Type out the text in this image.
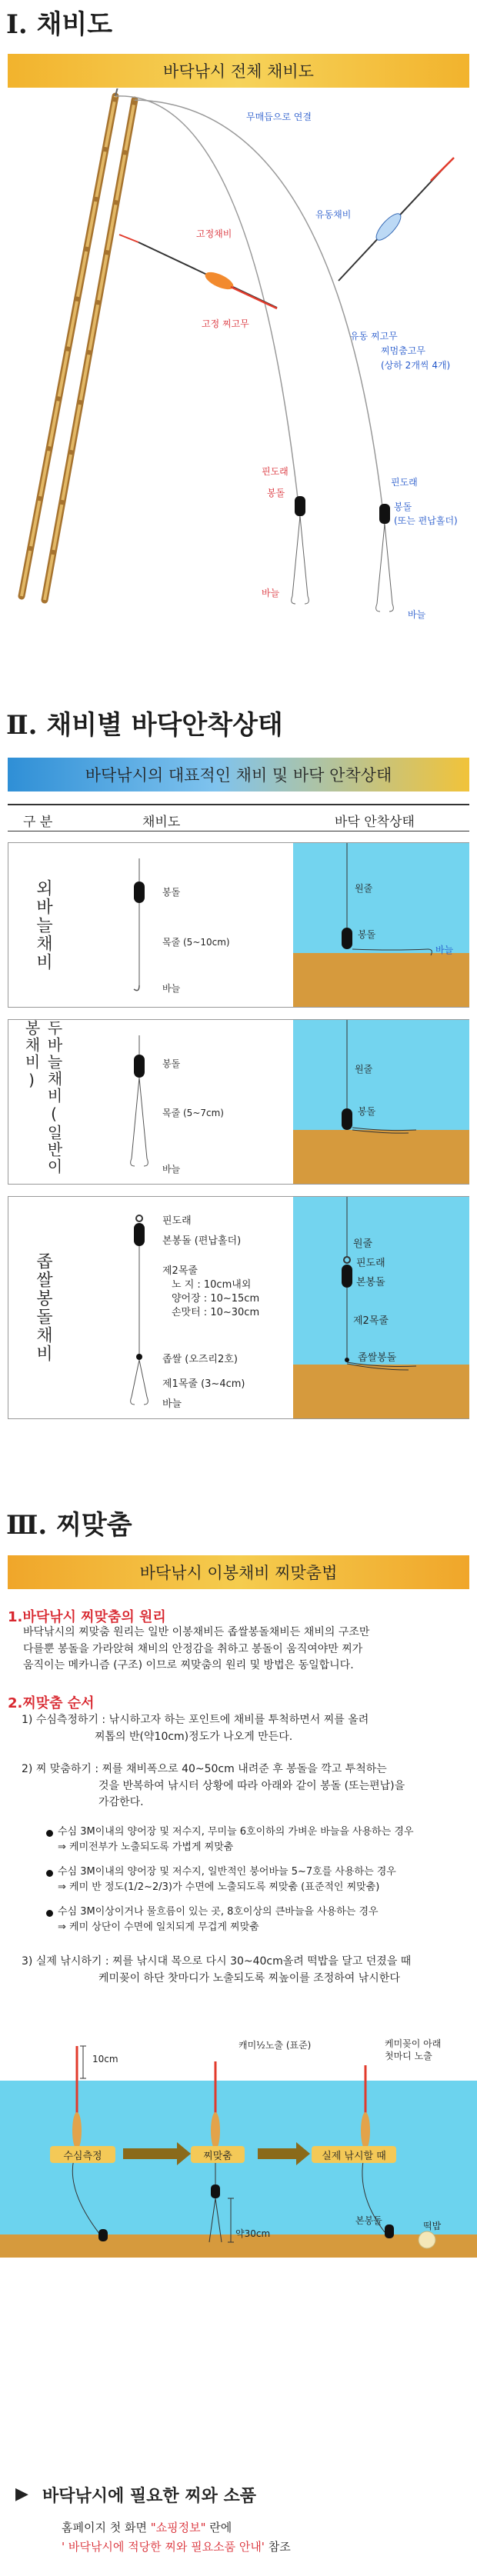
Ⅰ. 채비도
바닥낚시 전체 채비도
무매듭으로 연결
고정채비
유동채비
고정 찌고무
유동 찌고무
찌멈춤고무
(상하 2개씩 4개)
핀도래
봉돌
바늘
핀도래
봉돌
(또는 편납홀더)
바늘
Ⅱ. 채비별 바닥안착상태
바닥낚시의 대표적인 채비 및 바닥 안착상태
구 분	채비도	바닥 안착상태
외바늘채비	봉돌
목줄 (5~10cm)
바늘
원줄
봉돌
바늘
두바늘채비(일반이봉채비)	봉돌
목줄 (5~7cm)
바늘
원줄
봉돌
좁쌀봉돌채비
핀도래
본봉돌 (편납홀더)
제2목줄
노 지 : 10cm내외
양어장 : 10~15cm
손맛터 : 10~30cm
좁쌀 (오즈리2호)
제1목줄 (3~4cm)
바늘
원줄
핀도래
본봉돌
제2목줄
좁쌀봉돌
Ⅲ. 찌맞춤
바닥낚시 이봉채비 찌맞춤법
1.바닥낚시 찌맞춤의 원리
바닥낚시의 찌맞춤 원리는 일반 이봉채비든 좁쌀봉돌채비든 채비의 구조만
다를뿐 봉돌을 가라앉혀 채비의 안정감을 취하고 봉돌이 움직여야만 찌가
움직이는 메카니즘 (구조) 이므로 찌맞춤의 원리 및 방법은 동일합니다.
2.찌맞춤 순서
1) 수심측정하기 : 낚시하고자 하는 포인트에 채비를 투척하면서 찌를 올려
찌톱의 반(약10cm)정도가 나오게 만든다.
2) 찌 맞춤하기 : 찌를 채비폭으로 40~50cm 내려준 후 봉돌을 깍고 투척하는
것을 반복하여 낚시터 상황에 따라 아래와 같이 봉돌 (또는편납)을
가감한다.
수심 3M이내의 양어장 및 저수지, 무미늘 6호이하의 가벼운 바늘을 사용하는 경우
⇒ 케미전부가 노출되도록 가볍게 찌맞춤
수심 3M이내의 양어장 및 저수지, 일반적인 붕어바늘 5~7호를 사용하는 경우
⇒ 케미 반 정도(1/2~2/3)가 수면에 노출되도록 찌맞춤 (표준적인 찌맞춤)
수심 3M이상이거나 물흐름이 있는 곳, 8호이상의 큰바늘을 사용하는 경우
⇒ 케미 상단이 수면에 일치되게 무겁게 찌맞춤
3) 실제 낚시하기 : 찌를 낚시대 목으로 다시 30~40cm올려 떡밥을 달고 던졌을 때
케미꽂이 하단 찻마디가 노출되도록 찌높이를 조정하여 낚시한다
수심측정	찌맞춤	실제 낚시할 때
10cm
캐미½노출 (표준)	케미꽂이 아래
첫마디 노출
약30cm
본봉돌	떡밥
▶ 바닥낚시에 필요한 찌와 소품
홈페이지 첫 화면 "쇼핑정보" 란에
' 바닥낚시에 적당한 찌와 필요소품 안내' 참조
